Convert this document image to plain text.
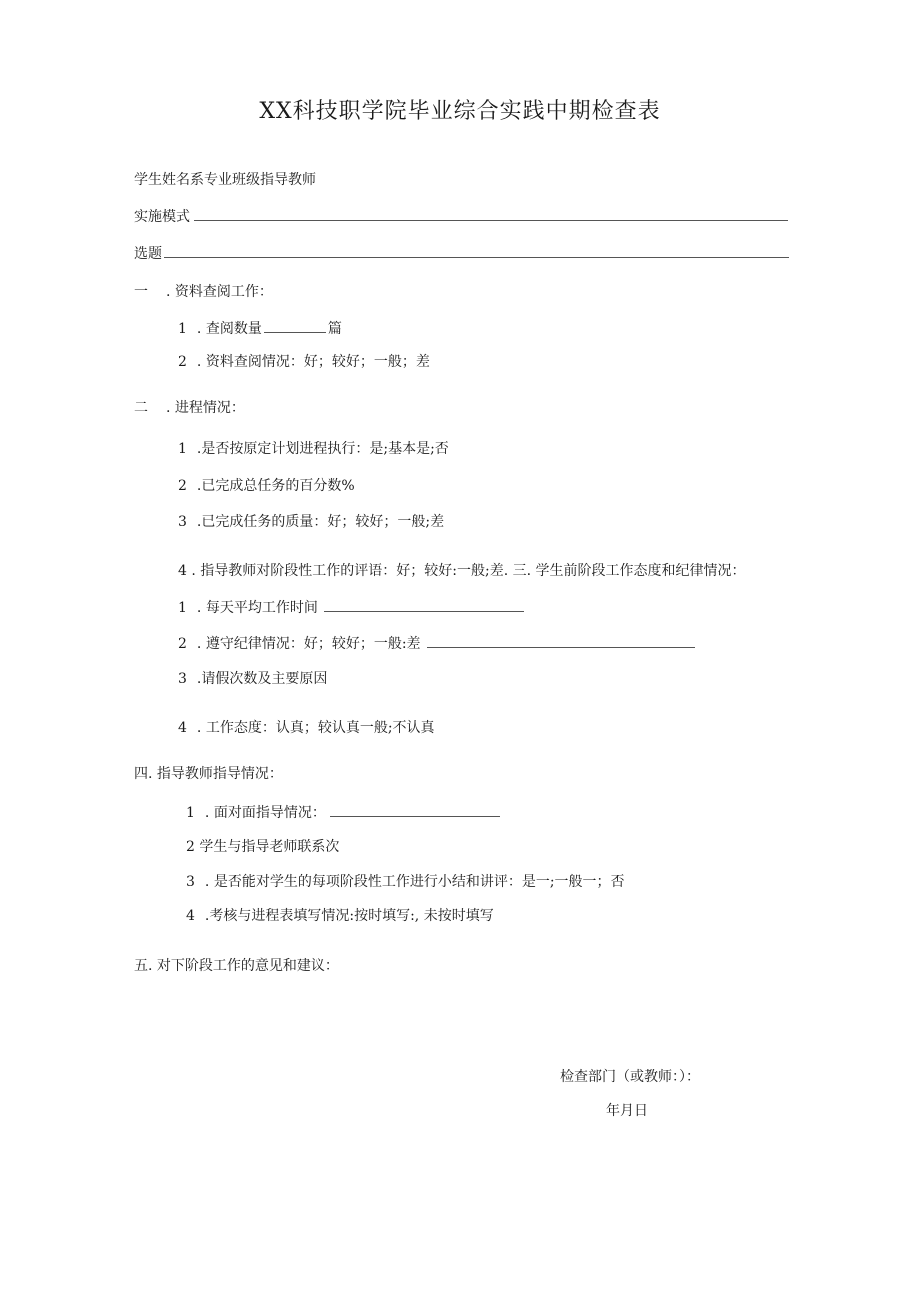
XX科技职学院毕业综合实践中期检查表
学生姓名系专业班级指导教师
实施模式
选题
一 . 资料查阅工作：
1 . 查阅数量	篇
2 . 资料查阅情况：好；较好；一般；差
二 . 进程情况：
1 .是否按原定计划进程执行：是;基本是;否
2 .已完成总任务的百分数%
3 .已完成任务的质量：好；较好；一般;差
4 . 指导教师对阶段性工作的评语：好；较好:一般;差. 三. 学生前阶段工作态度和纪律情况：
1 . 每天平均工作时间
2 . 遵守纪律情况：好；较好；一般:差
3 .请假次数及主要原因
4 . 工作态度：认真；较认真一般;不认真
四. 指导教师指导情况：
1 . 面对面指导情况：
2 学生与指导老师联系次
3 . 是否能对学生的每项阶段性工作进行小结和讲评：是一;一般一；否
4 .考核与进程表填写情况:按时填写:, 未按时填写
五. 对下阶段工作的意见和建议：
检查部门（或教师：）：
年月日
